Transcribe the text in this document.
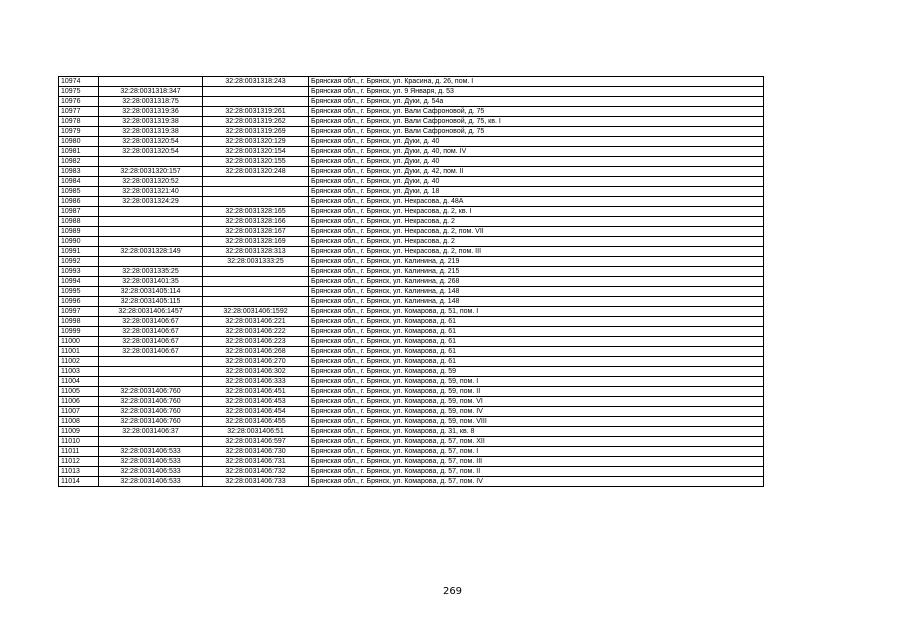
10974		32:28:0031318:243	Брянская обл., г. Брянск, ул. Красина, д. 26, пом. I
10975	32:28:0031318:347		Брянская обл., г. Брянск, ул. 9 Января, д. 53
10976	32:28:0031318:75		Брянская обл., г. Брянск, ул. Дуки, д. 54а
10977	32:28:0031319:36	32:28:0031319:261	Брянская обл., г. Брянск, ул. Вали Сафроновой, д. 75
10978	32:28:0031319:38	32:28:0031319:262	Брянская обл., г. Брянск, ул. Вали Сафроновой, д. 75, кв. I
10979	32:28:0031319:38	32:28:0031319:269	Брянская обл., г. Брянск, ул. Вали Сафроновой, д. 75
10980	32:28:0031320:54	32:28:0031320:129	Брянская обл., г. Брянск, ул. Дуки, д. 40
10981	32:28:0031320:54	32:28:0031320:154	Брянская обл., г. Брянск, ул. Дуки, д. 40, пом. IV
10982		32:28:0031320:155	Брянская обл., г. Брянск, ул. Дуки, д. 40
10983	32:28:0031320:157	32:28:0031320:248	Брянская обл., г. Брянск, ул. Дуки, д. 42, пом. II
10984	32:28:0031320:52		Брянская обл., г. Брянск, ул. Дуки, д. 40
10985	32:28:0031321:40		Брянская обл., г. Брянск, ул. Дуки, д. 18
10986	32:28:0031324:29		Брянская обл., г. Брянск, ул. Некрасова, д. 48А
10987		32:28:0031328:165	Брянская обл., г. Брянск, ул. Некрасова, д. 2, кв. I
10988		32:28:0031328:166	Брянская обл., г. Брянск, ул. Некрасова, д. 2
10989		32:28:0031328:167	Брянская обл., г. Брянск, ул. Некрасова, д. 2, пом. VII
10990		32:28:0031328:169	Брянская обл., г. Брянск, ул. Некрасова, д. 2
10991	32:28:0031328:149	32:28:0031328:313	Брянская обл., г. Брянск, ул. Некрасова, д. 2, пом. III
10992		32:28:0031333:25	Брянская обл., г. Брянск, ул. Калинина, д. 219
10993	32:28:0031335:25		Брянская обл., г. Брянск, ул. Калинина, д. 215
10994	32:28:0031401:35		Брянская обл., г. Брянск, ул. Калинина, д. 268
10995	32:28:0031405:114		Брянская обл., г. Брянск, ул. Калинина, д. 148
10996	32:28:0031405:115		Брянская обл., г. Брянск, ул. Калинина, д. 148
10997	32:28:0031406:1457	32:28:0031406:1592	Брянская обл., г. Брянск, ул. Комарова, д. 51, пом. I
10998	32:28:0031406:67	32:28:0031406:221	Брянская обл., г. Брянск, ул. Комарова, д. 61
10999	32:28:0031406:67	32:28:0031406:222	Брянская обл., г. Брянск, ул. Комарова, д. 61
11000	32:28:0031406:67	32:28:0031406:223	Брянская обл., г. Брянск, ул. Комарова, д. 61
11001	32:28:0031406:67	32:28:0031406:268	Брянская обл., г. Брянск, ул. Комарова, д. 61
11002		32:28:0031406:270	Брянская обл., г. Брянск, ул. Комарова, д. 61
11003		32:28:0031406:302	Брянская обл., г. Брянск, ул. Комарова, д. 59
11004		32:28:0031406:333	Брянская обл., г. Брянск, ул. Комарова, д. 59, пом. I
11005	32:28:0031406:760	32:28:0031406:451	Брянская обл., г. Брянск, ул. Комарова, д. 59, пом. II
11006	32:28:0031406:760	32:28:0031406:453	Брянская обл., г. Брянск, ул. Комарова, д. 59, пом. VI
11007	32:28:0031406:760	32:28:0031406:454	Брянская обл., г. Брянск, ул. Комарова, д. 59, пом. IV
11008	32:28:0031406:760	32:28:0031406:455	Брянская обл., г. Брянск, ул. Комарова, д. 59, пом. VIII
11009	32:28:0031406:37	32:28:0031406:51	Брянская обл., г. Брянск, ул. Комарова, д. 31, кв. 8
11010		32:28:0031406:597	Брянская обл., г. Брянск, ул. Комарова, д. 57, пом. XII
11011	32:28:0031406:533	32:28:0031406:730	Брянская обл., г. Брянск, ул. Комарова, д. 57, пом. I
11012	32:28:0031406:533	32:28:0031406:731	Брянская обл., г. Брянск, ул. Комарова, д. 57, пом. III
11013	32:28:0031406:533	32:28:0031406:732	Брянская обл., г. Брянск, ул. Комарова, д. 57, пом. II
11014	32:28:0031406:533	32:28:0031406:733	Брянская обл., г. Брянск, ул. Комарова, д. 57, пом. IV
269
